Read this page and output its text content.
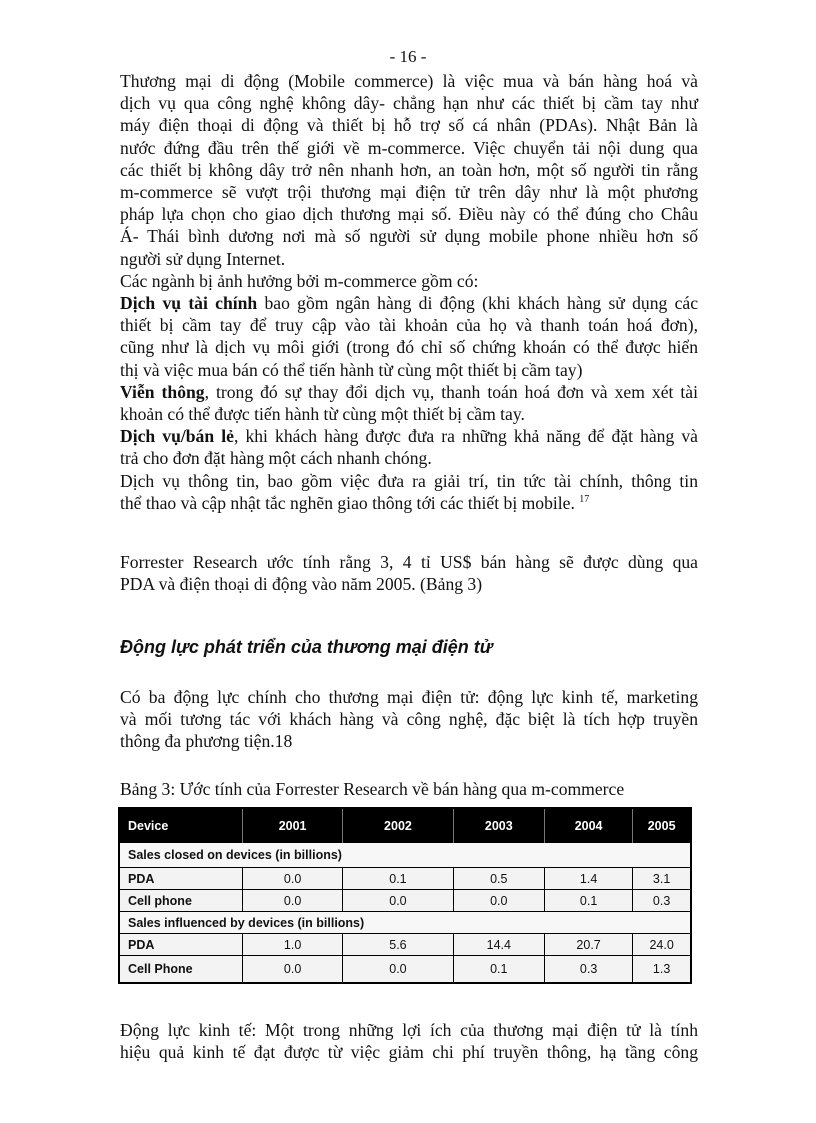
- 16 -
Thương mại di động (Mobile commerce) là việc mua và bán hàng hoá và
dịch vụ qua công nghệ không dây- chẳng hạn như các thiết bị cầm tay như
máy điện thoại di động và thiết bị hỗ trợ số cá nhân (PDAs). Nhật Bản là
nước đứng đầu trên thế giới về m-commerce. Việc chuyển tải nội dung qua
các thiết bị không dây trở nên nhanh hơn, an toàn hơn, một số người tin rằng
m-commerce sẽ vượt trội thương mại điện tử trên dây như là một phương
pháp lựa chọn cho giao dịch thương mại số. Điều này có thể đúng cho Châu
Á- Thái bình dương nơi mà số người sử dụng mobile phone nhiều hơn số
người sử dụng Internet.
Các ngành bị ảnh hưởng bởi m-commerce gồm có:
Dịch vụ tài chính bao gồm ngân hàng di động (khi khách hàng sử dụng các
thiết bị cầm tay để truy cập vào tài khoản của họ và thanh toán hoá đơn),
cũng như là dịch vụ môi giới (trong đó chỉ số chứng khoán có thể được hiển
thị và việc mua bán có thể tiến hành từ cùng một thiết bị cầm tay)
Viễn thông, trong đó sự thay đổi dịch vụ, thanh toán hoá đơn và xem xét tài
khoản có thể được tiến hành từ cùng một thiết bị cầm tay.
Dịch vụ/bán lẻ, khi khách hàng được đưa ra những khả năng để đặt hàng và
trả cho đơn đặt hàng một cách nhanh chóng.
Dịch vụ thông tin, bao gồm việc đưa ra giải trí, tin tức tài chính, thông tin
thể thao và cập nhật tắc nghẽn giao thông tới các thiết bị mobile. $^{17}$
Forrester Research ước tính rằng 3, 4 tỉ US$ bán hàng sẽ được dùng qua
PDA và điện thoại di động vào năm 2005. (Bảng 3)
Động lực phát triển của thương mại điện tử
Có ba động lực chính cho thương mại điện tử: động lực kinh tế, marketing
và mối tương tác với khách hàng và công nghệ, đặc biệt là tích hợp truyền
thông đa phương tiện.18
Bảng 3: Ước tính của Forrester Research về bán hàng qua m-commerce
Device	2001	2002	2003	2004	2005
Sales closed on devices (in billions)					
PDA	0.0	0.1	0.5	1.4	3.1
Cell phone	0.0	0.0	0.0	0.1	0.3
Sales influenced by devices (in billions)					
PDA	1.0	5.6	14.4	20.7	24.0
Cell Phone	0.0	0.0	0.1	0.3	1.3
Động lực kinh tế: Một trong những lợi ích của thương mại điện tử là tính
hiệu quả kinh tế đạt được từ việc giảm chi phí truyền thông, hạ tầng công
